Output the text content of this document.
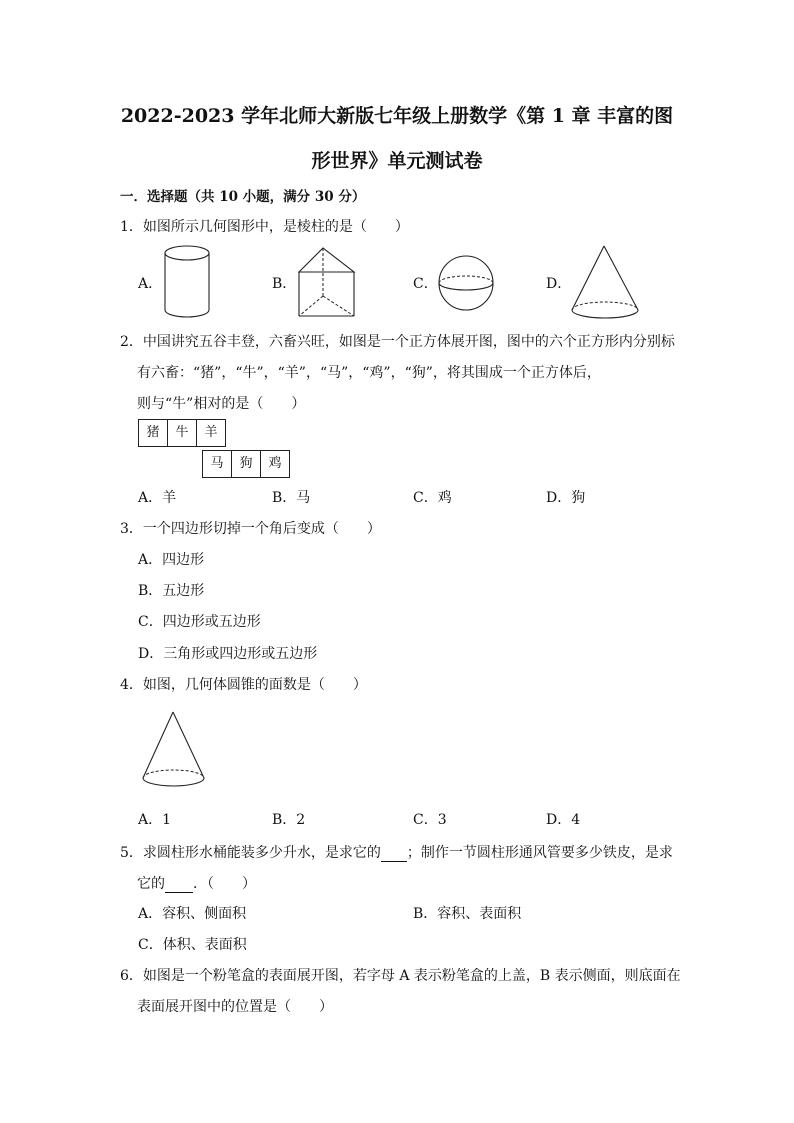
2022-2023 学年北师大新版七年级上册数学《第 1 章 丰富的图
形世界》单元测试卷
一．选择题（共 10 小题，满分 30 分）
1．如图所示几何图形中，是棱柱的是（　　）
A．	B．	C．	D．
2．中国讲究五谷丰登，六畜兴旺，如图是一个正方体展开图，图中的六个正方形内分别标
有六畜：“猪”，“牛”，“羊”，“马”，“鸡”，“狗”，将其围成一个正方体后，
则与“牛”相对的是（　　）
猪	牛	羊
马	狗	鸡
A．羊	B．马	C．鸡	D．狗
3．一个四边形切掉一个角后变成（　　）
A．四边形
B．五边形
C．四边形或五边形
D．三角形或四边形或五边形
4．如图，几何体圆锥的面数是（　　）
A．1	B．2	C．3	D．4
5．求圆柱形水桶能装多少升水，是求它的 ；制作一节圆柱形通风管要多少铁皮，是求
它的 ．（　　）
A．容积、侧面积	B．容积、表面积
C．体积、表面积
6．如图是一个粉笔盒的表面展开图，若字母 A 表示粉笔盒的上盖，B 表示侧面，则底面在
表面展开图中的位置是（　　）
